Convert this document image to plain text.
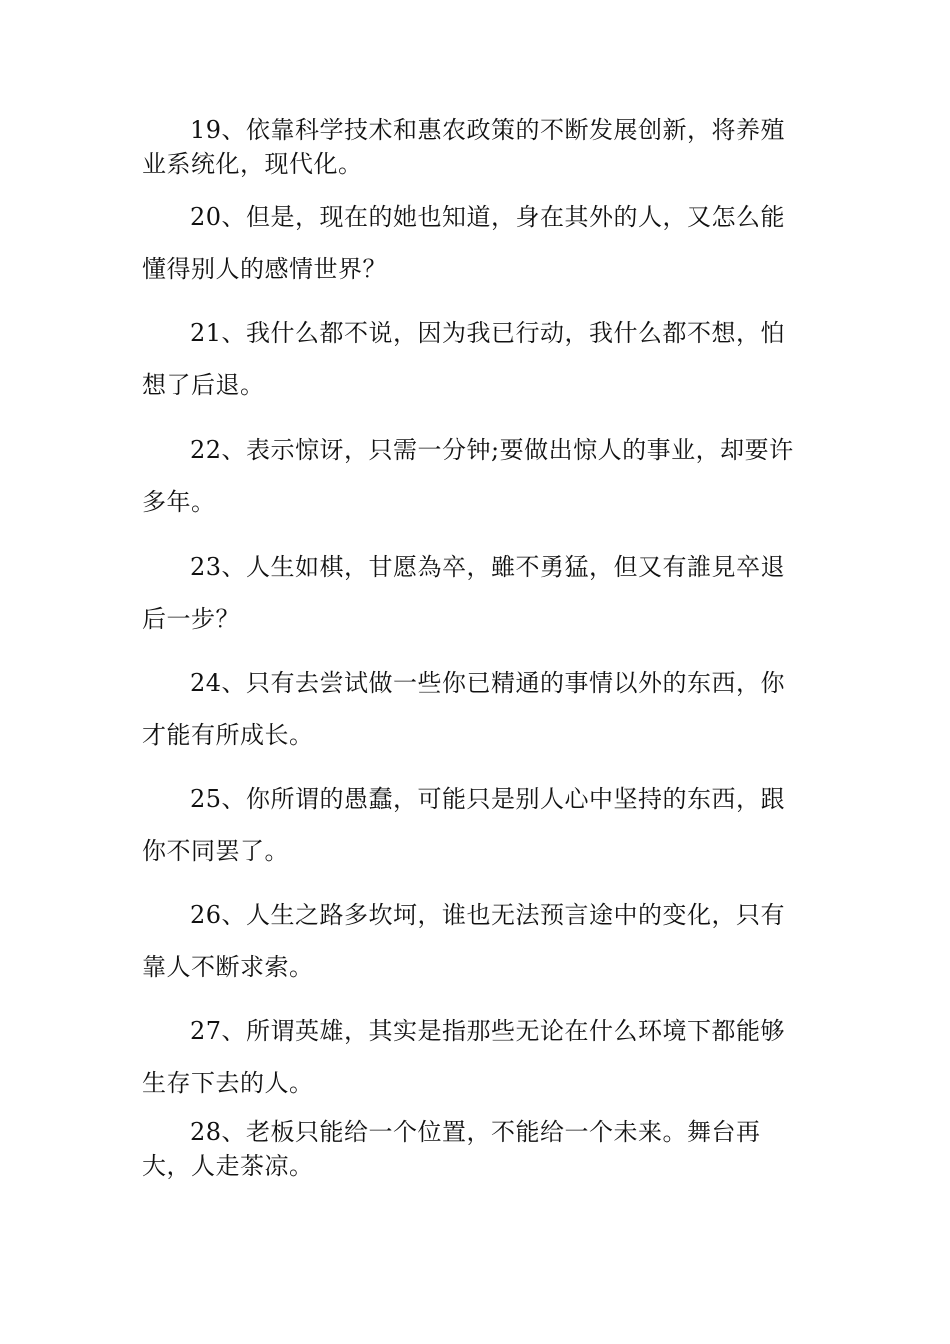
19、依靠科学技术和惠农政策的不断发展创新，将养殖业系统化，现代化。

20、但是，现在的她也知道，身在其外的人，又怎么能懂得别人的感情世界？

21、我什么都不说，因为我已行动，我什么都不想，怕想了后退。

22、表示惊讶，只需一分钟;要做出惊人的事业，却要许多年。

23、人生如棋，甘愿為卒，雖不勇猛，但又有誰見卒退后一步？

24、只有去尝试做一些你已精通的事情以外的东西，你才能有所成长。

25、你所谓的愚蠢，可能只是别人心中坚持的东西，跟你不同罢了。

26、人生之路多坎坷，谁也无法预言途中的变化，只有靠人不断求索。

27、所谓英雄，其实是指那些无论在什么环境下都能够生存下去的人。

28、老板只能给一个位置，不能给一个未来。舞台再大，人走茶凉。
